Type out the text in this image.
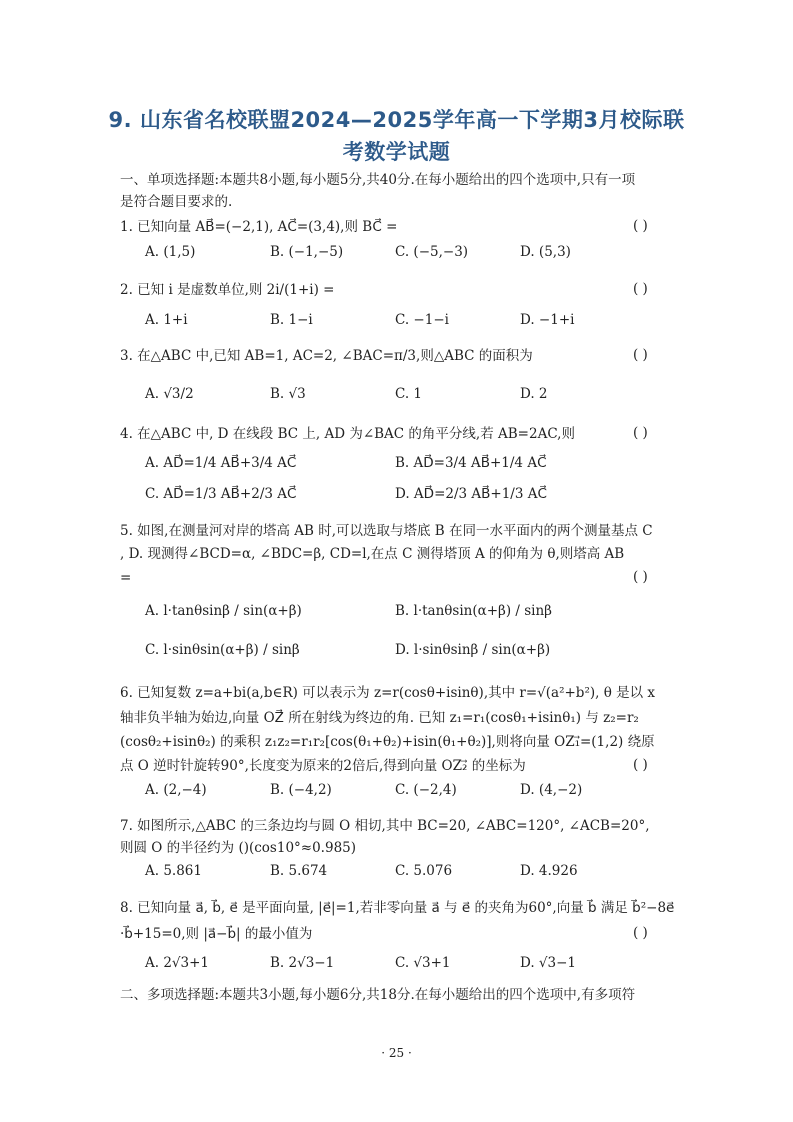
9. 山东省名校联盟2024—2025学年高一下学期3月校际联
考数学试题
一、单项选择题:本题共8小题,每小题5分,共40分.在每小题给出的四个选项中,只有一项
是符合题目要求的.
1. 已知向量 AB⃗=(−2,1), AC⃗=(3,4),则 BC⃗ =	( )
A. (1,5)	B. (−1,−5)	C. (−5,−3)	D. (5,3)
2. 已知 i 是虚数单位,则 2i/(1+i) =	( )
A. 1+i	B. 1−i	C. −1−i	D. −1+i
3. 在△ABC 中,已知 AB=1, AC=2, ∠BAC=π/3,则△ABC 的面积为	( )
A. √3/2	B. √3	C. 1	D. 2
4. 在△ABC 中, D 在线段 BC 上, AD 为∠BAC 的角平分线,若 AB=2AC,则	( )
A. AD⃗=1/4 AB⃗+3/4 AC⃗	B. AD⃗=3/4 AB⃗+1/4 AC⃗
C. AD⃗=1/3 AB⃗+2/3 AC⃗	D. AD⃗=2/3 AB⃗+1/3 AC⃗
5. 如图,在测量河对岸的塔高 AB 时,可以选取与塔底 B 在同一水平面内的两个测量基点 C
, D. 现测得∠BCD=α, ∠BDC=β, CD=l,在点 C 测得塔顶 A 的仰角为 θ,则塔高 AB
=	( )
A. l·tanθsinβ / sin(α+β)	B. l·tanθsin(α+β) / sinβ
C. l·sinθsin(α+β) / sinβ	D. l·sinθsinβ / sin(α+β)
6. 已知复数 z=a+bi(a,b∈R) 可以表示为 z=r(cosθ+isinθ),其中 r=√(a²+b²), θ 是以 x
轴非负半轴为始边,向量 OZ⃗ 所在射线为终边的角. 已知 z₁=r₁(cosθ₁+isinθ₁) 与 z₂=r₂
(cosθ₂+isinθ₂) 的乘积 z₁z₂=r₁r₂[cos(θ₁+θ₂)+isin(θ₁+θ₂)],则将向量 OZ₁⃗=(1,2) 绕原
点 O 逆时针旋转90°,长度变为原来的2倍后,得到向量 OZ₂⃗ 的坐标为	( )
A. (2,−4)	B. (−4,2)	C. (−2,4)	D. (4,−2)
7. 如图所示,△ABC 的三条边均与圆 O 相切,其中 BC=20, ∠ABC=120°, ∠ACB=20°,
则圆 O 的半径约为 ()(cos10°≈0.985)
A. 5.861	B. 5.674	C. 5.076	D. 4.926
8. 已知向量 a⃗, b⃗, e⃗ 是平面向量, |e⃗|=1,若非零向量 a⃗ 与 e⃗ 的夹角为60°,向量 b⃗ 满足 b⃗²−8e⃗
·b⃗+15=0,则 |a⃗−b⃗| 的最小值为	( )
A. 2√3+1	B. 2√3−1	C. √3+1	D. √3−1
二、多项选择题:本题共3小题,每小题6分,共18分.在每小题给出的四个选项中,有多项符
· 25 ·
